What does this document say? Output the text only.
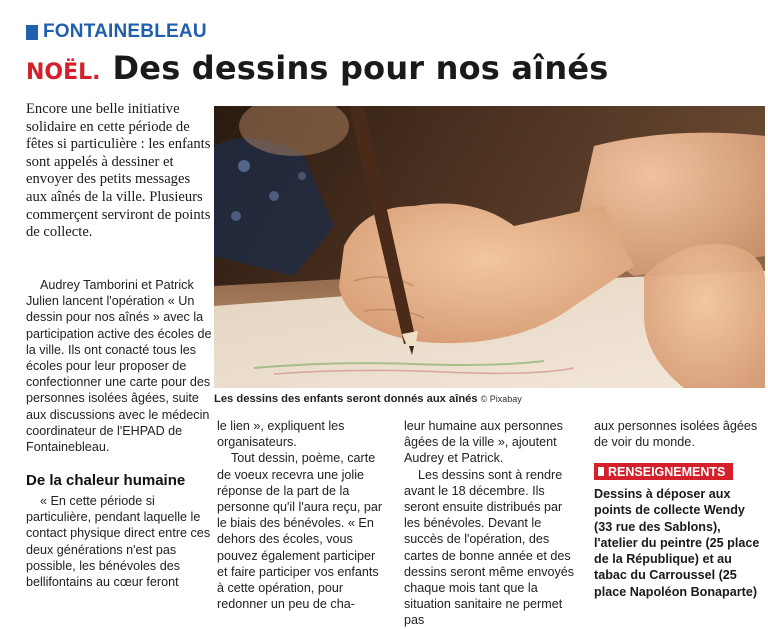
FONTAINEBLEAU
NOËL. Des dessins pour nos aînés
Encore une belle initiative solidaire en cette période de fêtes si particulière : les enfants sont appelés à dessiner et envoyer des petits messages aux aînés de la ville. Plusieurs commerçent serviront de points de collecte.

Audrey Tamborini et Patrick Julien lancent l'opération « Un dessin pour nos aînés » avec la participation active des écoles de la ville. Ils ont conacté tous les écoles pour leur proposer de confectionner une carte pour des personnes isolées âgées, suite aux discussions avec le médecin coordinateur de l'EHPAD de Fontainebleau.

De la chaleur humaine

« En cette période si particulière, pendant laquelle le contact physique direct entre ces deux générations n'est pas possible, les bénévoles des bellifontains au cœur feront

Les dessins des enfants seront donnés aux aînés © Pixabay

le lien », expliquent les organisateurs.

Tout dessin, poème, carte de voeux recevra une jolie réponse de la part de la personne qu'il l'aura reçu, par le biais des bénévoles. « En dehors des écoles, vous pouvez également participer et faire participer vos enfants à cette opération, pour redonner un peu de cha-

leur humaine aux personnes âgées de la ville », ajoutent Audrey et Patrick.

Les dessins sont à rendre avant le 18 décembre. Ils seront ensuite distribués par les bénévoles. Devant le succès de l'opération, des cartes de bonne année et des dessins seront même envoyés chaque mois tant que la situation sanitaire ne permet pas

aux personnes isolées âgées de voir du monde.

RENSEIGNEMENTS
Dessins à déposer aux points de collecte Wendy (33 rue des Sablons), l'atelier du peintre (25 place de la République) et au tabac du Carroussel (25 place Napoléon Bonaparte)
